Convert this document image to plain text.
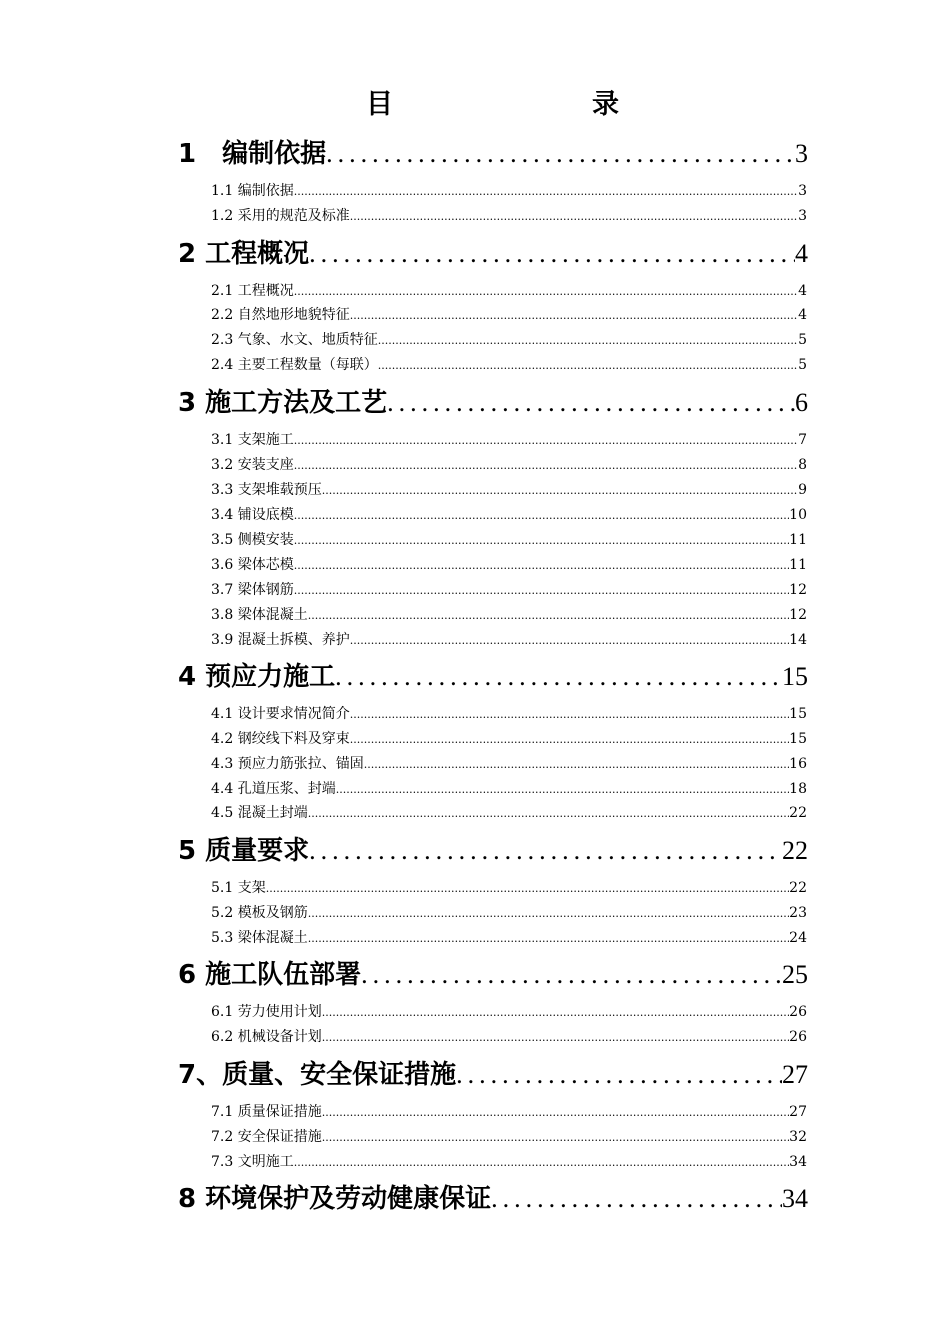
目	录
1　编制依据 .....	3
1.1 编制依据 .....	3
1.2 采用的规范及标准 .....	3
2 工程概况 .....	4
2.1 工程概况 .....	4
2.2 自然地形地貌特征 .....	4
2.3 气象、水文、地质特征 .....	5
2.4 主要工程数量（每联） .....	5
3 施工方法及工艺 .....	6
3.1 支架施工 .....	7
3.2 安装支座 .....	8
3.3 支架堆载预压 .....	9
3.4 铺设底模 .....	10
3.5 侧模安装 .....	11
3.6 梁体芯模 .....	11
3.7 梁体钢筋 .....	12
3.8 梁体混凝土 .....	12
3.9 混凝土拆模、养护 .....	14
4 预应力施工 .....	15
4.1 设计要求情况简介 .....	15
4.2 钢绞线下料及穿束 .....	15
4.3 预应力筋张拉、锚固 .....	16
4.4 孔道压浆、封端 .....	18
4.5 混凝土封端 .....	22
5 质量要求 .....	22
5.1 支架 .....	22
5.2 模板及钢筋 .....	23
5.3 梁体混凝土 .....	24
6 施工队伍部署 .....	25
6.1 劳力使用计划 .....	26
6.2 机械设备计划 .....	26
7、质量、安全保证措施 .....	27
7.1 质量保证措施 .....	27
7.2 安全保证措施 .....	32
7.3 文明施工 .....	34
8 环境保护及劳动健康保证 .....	34
